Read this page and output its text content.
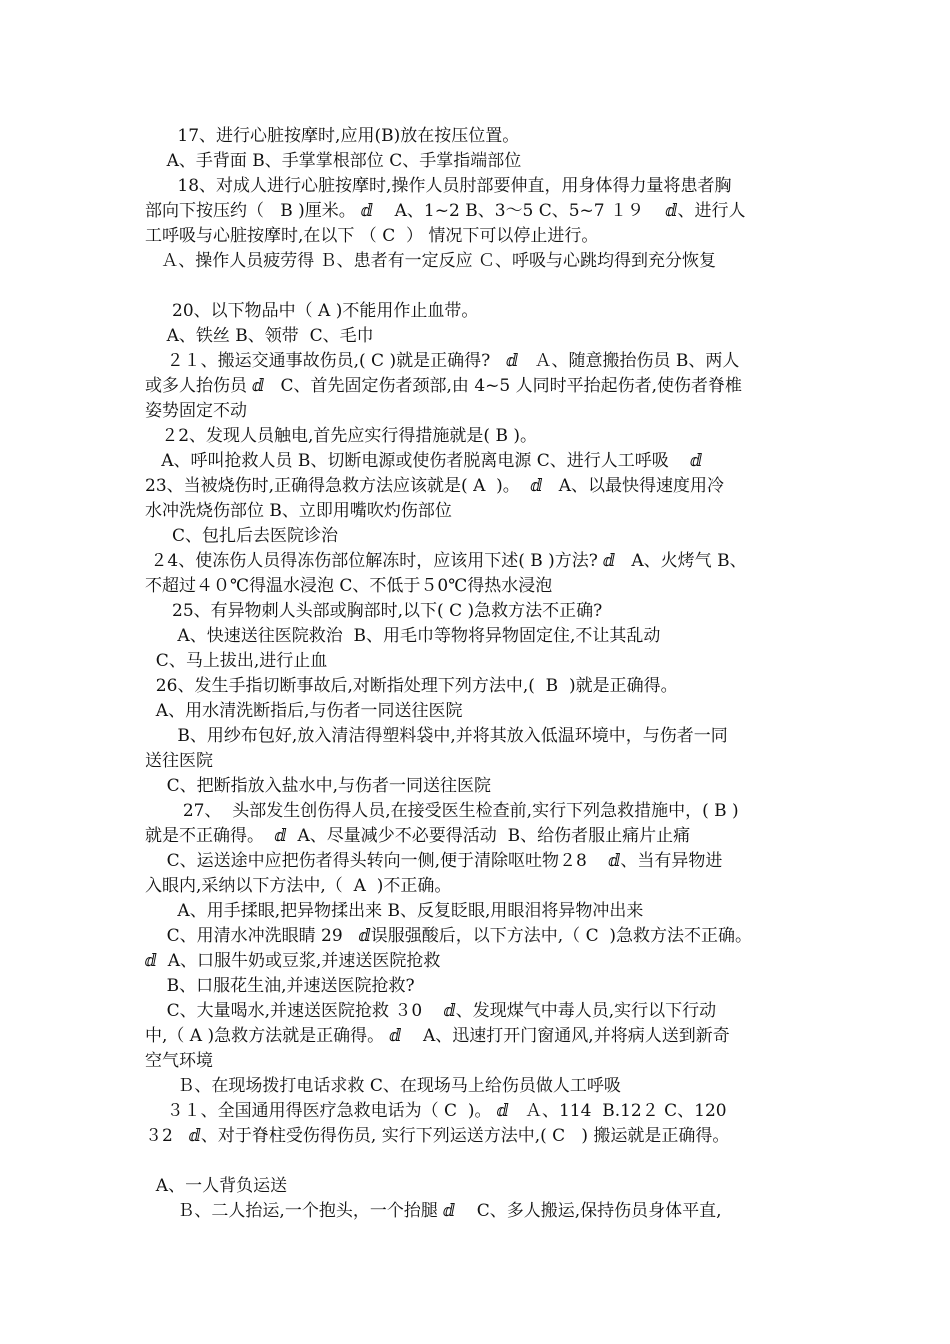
17、进行心脏按摩时,应用(B)放在按压位置。
A、手背面 B、手掌掌根部位 C、手掌指端部位
18、对成人进行心脏按摩时,操作人员肘部要伸直，用身体得力量将患者胸
部向下按压约（   B )厘米。 ⅆ    A、1~2 B、3～5 C、5~7 １９    ⅆ、进行人
工呼吸与心脏按摩时,在以下 （ C  ） 情况下可以停止进行。
Ａ、操作人员疲劳得 Ｂ、患者有一定反应 Ｃ、呼吸与心跳均得到充分恢复
20、以下物品中（ A )不能用作止血带。
A、铁丝 B、领带  C、毛巾
２１、搬运交通事故伤员,( C )就是正确得?   ⅆ   Ａ、随意搬抬伤员 B、两人
或多人抬伤员 ⅆ   C、首先固定伤者颈部,由 4~5 人同时平抬起伤者,使伤者脊椎
姿势固定不动
２2、发现人员触电,首先应实行得措施就是( B )。
A、呼叫抢救人员 B、切断电源或使伤者脱离电源 C、进行人工呼吸    ⅆ
23、当被烧伤时,正确得急救方法应该就是( A  )。  ⅆ   A、以最快得速度用冷
水冲洗烧伤部位 B、立即用嘴吹灼伤部位
C、包扎后去医院诊治
２4、使冻伤人员得冻伤部位解冻时，应该用下述( B )方法? ⅆ   A、火烤气 B、
不超过４０℃得温水浸泡 C、不低于５0℃得热水浸泡
25、有异物刺人头部或胸部时,以下( C )急救方法不正确?
A、快速送往医院救治  B、用毛巾等物将异物固定住,不让其乱动
C、马上拔出,进行止血
26、发生手指切断事故后,对断指处理下列方法中,(  B  )就是正确得。
A、用水清洗断指后,与伤者一同送往医院
B、用纱布包好,放入清洁得塑料袋中,并将其放入低温环境中，与伤者一同
送往医院
C、把断指放入盐水中,与伤者一同送往医院
27、  头部发生创伤得人员,在接受医生检查前,实行下列急救措施中，( B )
就是不正确得。  ⅆ  A、尽量减少不必要得活动  B、给伤者服止痛片止痛
C、运送途中应把伤者得头转向一侧,便于清除呕吐物２8    ⅆ、当有异物进
入眼内,采纳以下方法中,（  A  )不正确。
A、用手揉眼,把异物揉出来 B、反复眨眼,用眼泪将异物冲出来
C、用清水冲洗眼睛 29   ⅆ误服强酸后，以下方法中,（ C  )急救方法不正确。
ⅆ  A、口服牛奶或豆浆,并速送医院抢救
B、口服花生油,并速送医院抢救?
C、大量喝水,并速送医院抢救 ３0    ⅆ、发现煤气中毒人员,实行以下行动
中,（ A )急救方法就是正确得。 ⅆ    A、迅速打开门窗通风,并将病人送到新奇
空气环境
Ｂ、在现场拨打电话求救 C、在现场马上给伤员做人工呼吸
３１、全国通用得医疗急救电话为（ C  )。 ⅆ   Ａ、114  B.12２ C、120
３2   ⅆ、对于脊柱受伤得伤员, 实行下列运送方法中,( C   ) 搬运就是正确得。
A、一人背负运送
Ｂ、二人抬运,一个抱头，一个抬腿 ⅆ    C、多人搬运,保持伤员身体平直,
